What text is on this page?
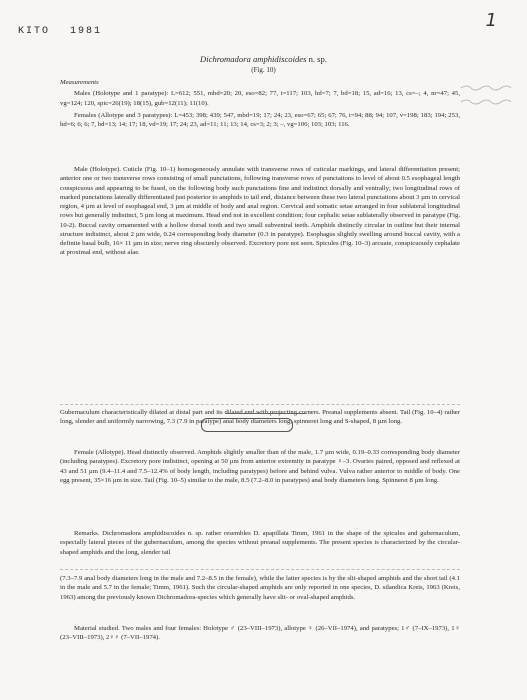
KITO 1981
1
Dichromadora amphidiscoides n. sp.
(Fig. 10)

Measurements

Males (Holotype and 1 paratype): L=612; 551, mbd=20; 20, eso=82; 77, t=117; 103, hd=7; 7, bd=18; 15, ad=16; 13, cs=–; 4, nr=47; 45, vg=124; 120, spic=26(19); 18(15), gub=12(11); 11(10).

Females (Allotype and 3 paratypes): L=453; 398; 439; 547, mbd=19; 17; 24; 23, eso=67; 65; 67; 76, t=94; 88; 94; 107, v=198; 183; 194; 253, hd=6; 6; 6; 7, bd=13; 14; 17; 18, vd=19; 17; 24; 23, ad=11; 11; 13; 14, cs=3; 2; 3; –, vg=106; 103; 103; 116.

Male (Holotype). Cuticle (Fig. 10–1) homogeneously annulate with transverse rows of cuticular markings, and lateral differentiation present; anterior one or two transverse rows consisting of small punctations, following transverse rows of punctations to level of about 0.5 esophageal length conspicuous and appearing to be fused, on the following body such punctations fine and indistinct dorsally and ventrally; two longitudinal rows of marked punctations laterally differentiated just posterior to amphids to tail end, distance between these two lateral punctations about 3 µm in cervical region, 4 µm at level of esophageal end, 3 µm at middle of body and anal region. Cervical and somatic setae arranged in four sublateral longitudinal rows but generally indistinct, 5 µm long at maximum. Head end not in excellent condition; four cephalic setae sublaterally observed in paratype (Fig. 10-2). Buccal cavity ornamented with a hollow dorsal tooth and two small subventral teeth. Amphids distinctly circular in outline but their internal structure indistinct, about 2 µm wide, 0.24 corresponding body diameter (0.3 in paratype). Esophagus slightly swelling around buccal cavity, with a definite basal bulb, 16× 11 µm in size; nerve ring obscurely observed. Excretory pore not seen. Spicules (Fig. 10–3) arcuate, conspicuously cephalate at proximal end, without alae.

Gubernaculum characteristically dilated at distal part and its dilated end with projecting corners. Preanal supplements absent. Tail (Fig. 10–4) rather long, slender and uniformly narrowing, 7.3 (7.9 in paratype) anal body diameters long; spinneret long and S-shaped, 8 µm long.

Female (Allotype). Head distinctly observed. Amphids slightly smaller than of the male, 1.7 µm wide, 0.19–0.33 corresponding body diameter (including paratypes). Excretory pore indistinct, opening at 50 µm from anterior extremity in paratype ♀–3. Ovaries paired, opposed and reflexed at 43 and 51 µm (9.4–11.4 and 7.5–12.4% of body length, including paratypes) before and behind vulva. Vulva rather anterior to middle of body. One egg present, 35×16 µm in size. Tail (Fig. 10–5) similar to the male, 8.5 (7.2–8.0 in paratypes) anal body diameters long. Spinneret 8 µm long.

Remarks. Dichromadora amphidiscoides n. sp. rather resembles D. apapillata Timm, 1961 in the shape of the spicules and gubernaculum, especially lateral pieces of the gubernaculum, among the species without preanal supplements. The present species is characterized by the circular-shaped amphids and the long, slender tail

(7.3–7.9 anal body diameters long in the male and 7.2–8.5 in the female), while the latter species is by the slit-shaped amphids and the short tail (4.1 in the male and 5.7 in the female; Timm, 1961). Such the circular-shaped amphids are only reported in one species, D. silandica Kreis, 1963 (Kreis, 1963) among the previously known Dichromadora-species which generally have slit- or oval-shaped amphids.

Material studied. Two males and four females: Holotype ♂ (23–VIII–1973), allotype ♀ (26–VII–1974), and paratypes; 1♂ (7–IX–1973), 1♀ (23–VIII–1973), 2♀♀ (7–VII–1974).
